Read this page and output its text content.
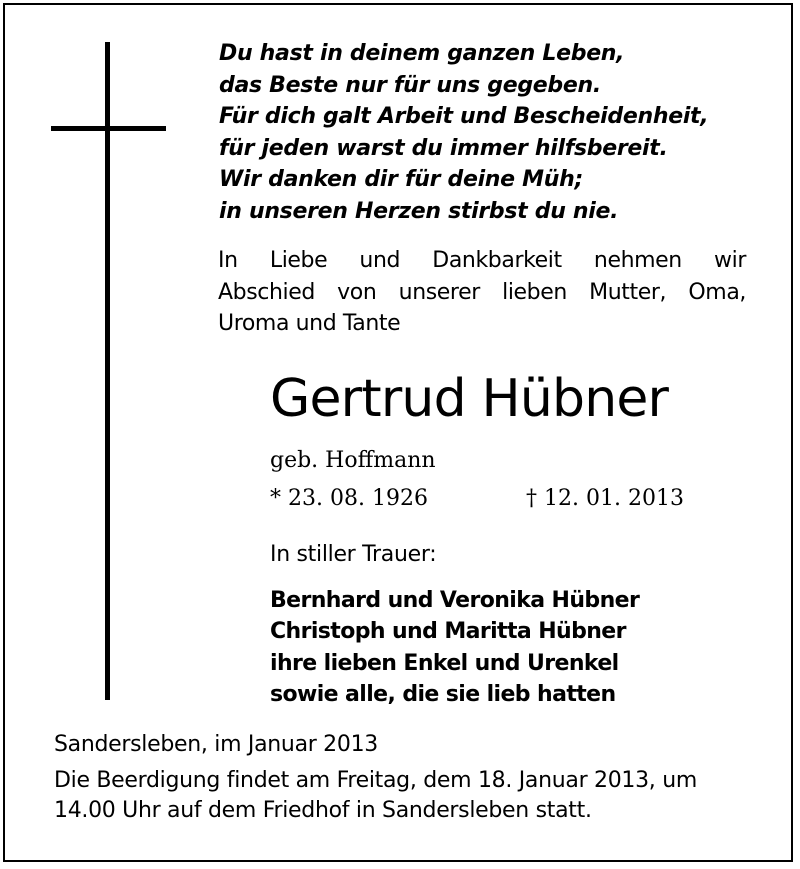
Du hast in deinem ganzen Leben,
das Beste nur für uns gegeben.
Für dich galt Arbeit und Bescheidenheit,
für jeden warst du immer hilfsbereit.
Wir danken dir für deine Müh;
in unseren Herzen stirbst du nie.
In Liebe und Dankbarkeit nehmen wir
Abschied von unserer lieben Mutter, Oma,
Uroma und Tante
Gertrud Hübner
geb. Hoffmann
* 23. 08. 1926	† 12. 01. 2013
In stiller Trauer:
Bernhard und Veronika Hübner
Christoph und Maritta Hübner
ihre lieben Enkel und Urenkel
sowie alle, die sie lieb hatten
Sandersleben, im Januar 2013
Die Beerdigung findet am Freitag, dem 18. Januar 2013, um
14.00 Uhr auf dem Friedhof in Sandersleben statt.
